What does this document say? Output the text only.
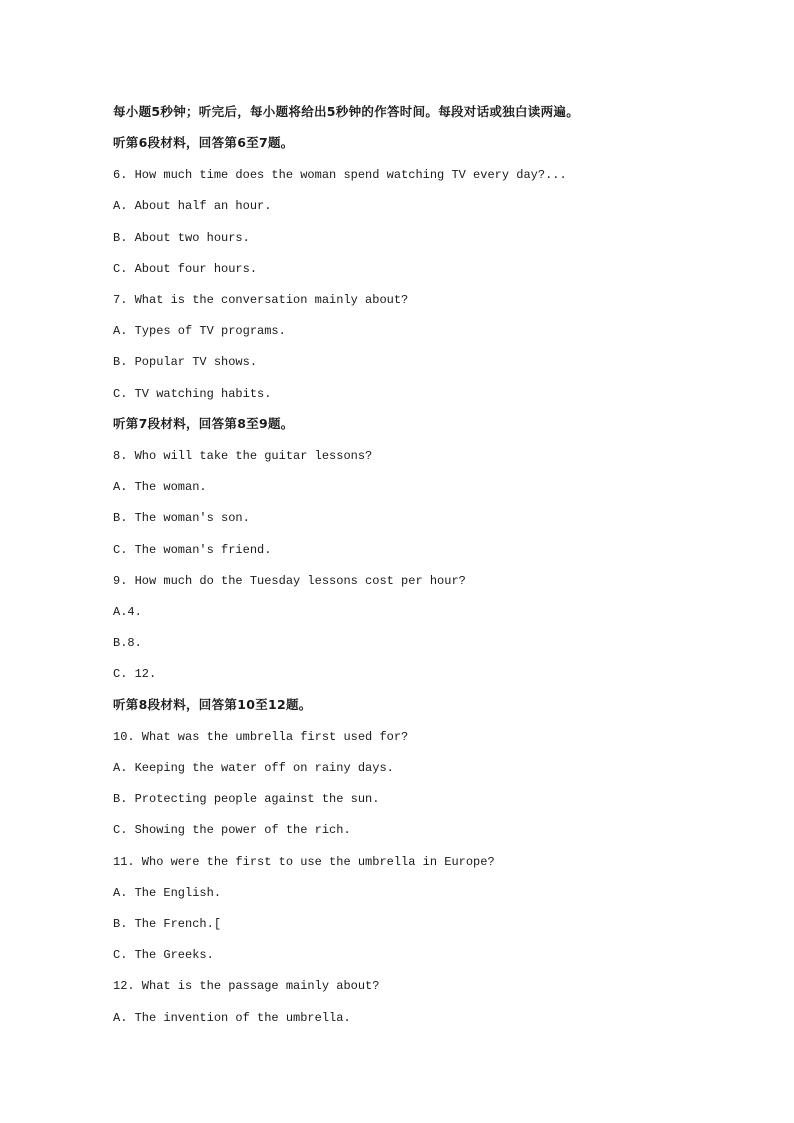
每小题5秒钟；听完后，每小题将给出5秒钟的作答时间。每段对话或独白读两遍。

听第6段材料，回答第6至7题。

6. How much time does the woman spend watching TV every day?...

A. About half an hour.

B. About two hours.

C. About four hours.

7. What is the conversation mainly about?

A. Types of TV programs.

B. Popular TV shows.

C. TV watching habits.

听第7段材料，回答第8至9题。

8. Who will take the guitar lessons?

A. The woman.

B. The woman's son.

C. The woman's friend.

9. How much do the Tuesday lessons cost per hour?

A.4.

B.8.

C. 12.

听第8段材料，回答第10至12题。

10. What was the umbrella first used for?

A. Keeping the water off on rainy days.

B. Protecting people against the sun.

C. Showing the power of the rich.

11. Who were the first to use the umbrella in Europe?

A. The English.

B. The French.[

C. The Greeks.

12. What is the passage mainly about?

A. The invention of the umbrella.
